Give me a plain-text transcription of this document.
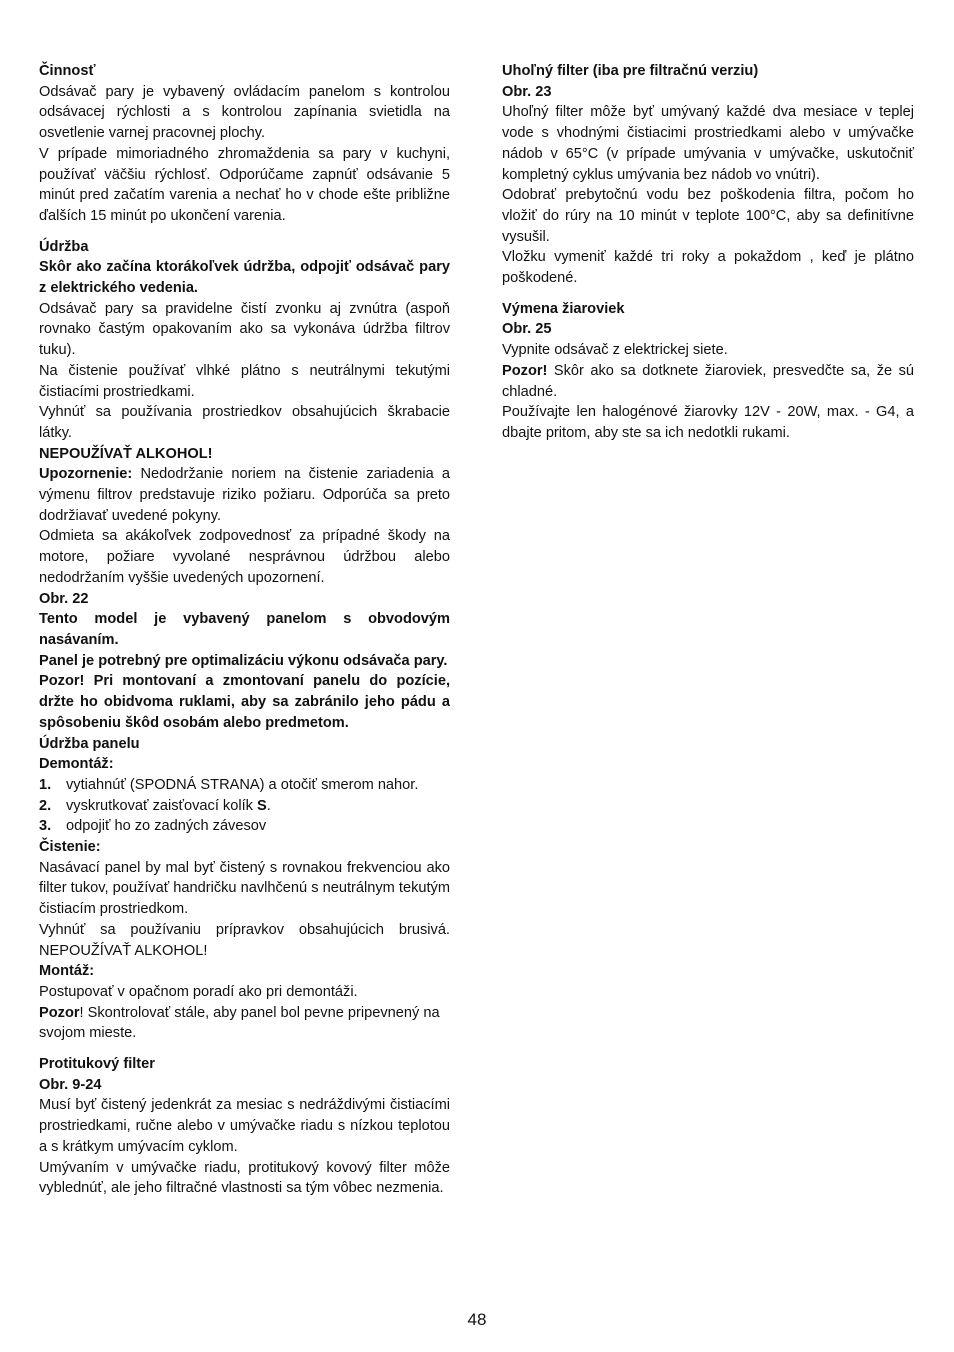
Činnosť

Odsávač pary je vybavený ovládacím panelom s kontrolou odsávacej rýchlosti a s kontrolou zapínania svietidla na osvetlenie varnej pracovnej plochy.

V prípade mimoriadného zhromaždenia sa pary v kuchyni, používať väčšiu rýchlosť. Odporúčame zapnúť odsávanie 5 minút pred začatím varenia a nechať ho v chode ešte približne ďalších 15 minút po ukončení varenia.

Údržba

Skôr ako začína ktorákoľvek údržba, odpojiť odsávač pary z elektrického vedenia.

Odsávač pary sa pravidelne čistí zvonku aj zvnútra (aspoň rovnako častým opakovaním ako sa vykonáva údržba filtrov tuku).

Na čistenie používať vlhké plátno s neutrálnymi tekutými čistiacími prostriedkami.

Vyhnúť sa používania prostriedkov obsahujúcich škrabacie látky.

NEPOUŽÍVAŤ ALKOHOL!

Upozornenie: Nedodržanie noriem na čistenie zariadenia a výmenu filtrov predstavuje riziko požiaru. Odporúča sa preto dodržiavať uvedené pokyny.

Odmieta sa akákoľvek zodpovednosť za prípadné škody na motore, požiare vyvolané nesprávnou údržbou alebo nedodržaním vyššie uvedených upozornení.

Obr. 22

Tento model je vybavený panelom s obvodovým nasávaním.

Panel je potrebný pre optimalizáciu výkonu odsávača pary.

Pozor! Pri montovaní a zmontovaní panelu do pozície, držte ho obidvoma ruklami, aby sa zabránilo jeho pádu a spôsobeniu škôd osobám alebo predmetom.

Údržba panelu

Demontáž:

1. vytiahnúť (SPODNÁ STRANA) a otočiť smerom nahor.
2. vyskrutkovať zaisťovací kolík S.
3. odpojiť ho zo zadných závesov

Čistenie:

Nasávací panel by mal byť čistený s rovnakou frekvenciou ako filter tukov, používať handričku navlhčenú s neutrálnym tekutým čistiacím prostriedkom.

Vyhnúť sa používaniu prípravkov obsahujúcich brusivá. NEPOUŽÍVAŤ ALKOHOL!

Montáž:

Postupovať v opačnom poradí ako pri demontáži.

Pozor! Skontrolovať stále, aby panel bol pevne pripevnený na svojom mieste.

Protitukový filter

Obr. 9-24

Musí byť čistený jedenkrát za mesiac s nedráždivými čistiacími prostriedkami, ručne alebo v umývačke riadu s nízkou teplotou a s krátkym umývacím cyklom.

Umývaním v umývačke riadu, protitukový kovový filter môže vyblednúť, ale jeho filtračné vlastnosti sa tým vôbec nezmenia.

Uhoľný filter (iba pre filtračnú verziu)

Obr. 23

Uhoľný filter môže byť umývaný každé dva mesiace v teplej vode s vhodnými čistiacimi prostriedkami alebo v umývačke nádob v 65°C (v prípade umývania v umývačke, uskutočniť kompletný cyklus umývania bez nádob vo vnútri).

Odobrať prebytočnú vodu bez poškodenia filtra, počom ho vložiť do rúry na 10 minút v teplote 100°C, aby sa definitívne vysušil.

Vložku vymeniť každé tri roky a pokaždom , keď je plátno poškodené.

Výmena žiaroviek

Obr. 25

Vypnite odsávač z elektrickej siete.

Pozor! Skôr ako sa dotknete žiaroviek, presvedčte sa, že sú chladné.

Používajte len halogénové žiarovky 12V - 20W, max. - G4, a dbajte pritom, aby ste sa ich nedotkli rukami.

48
